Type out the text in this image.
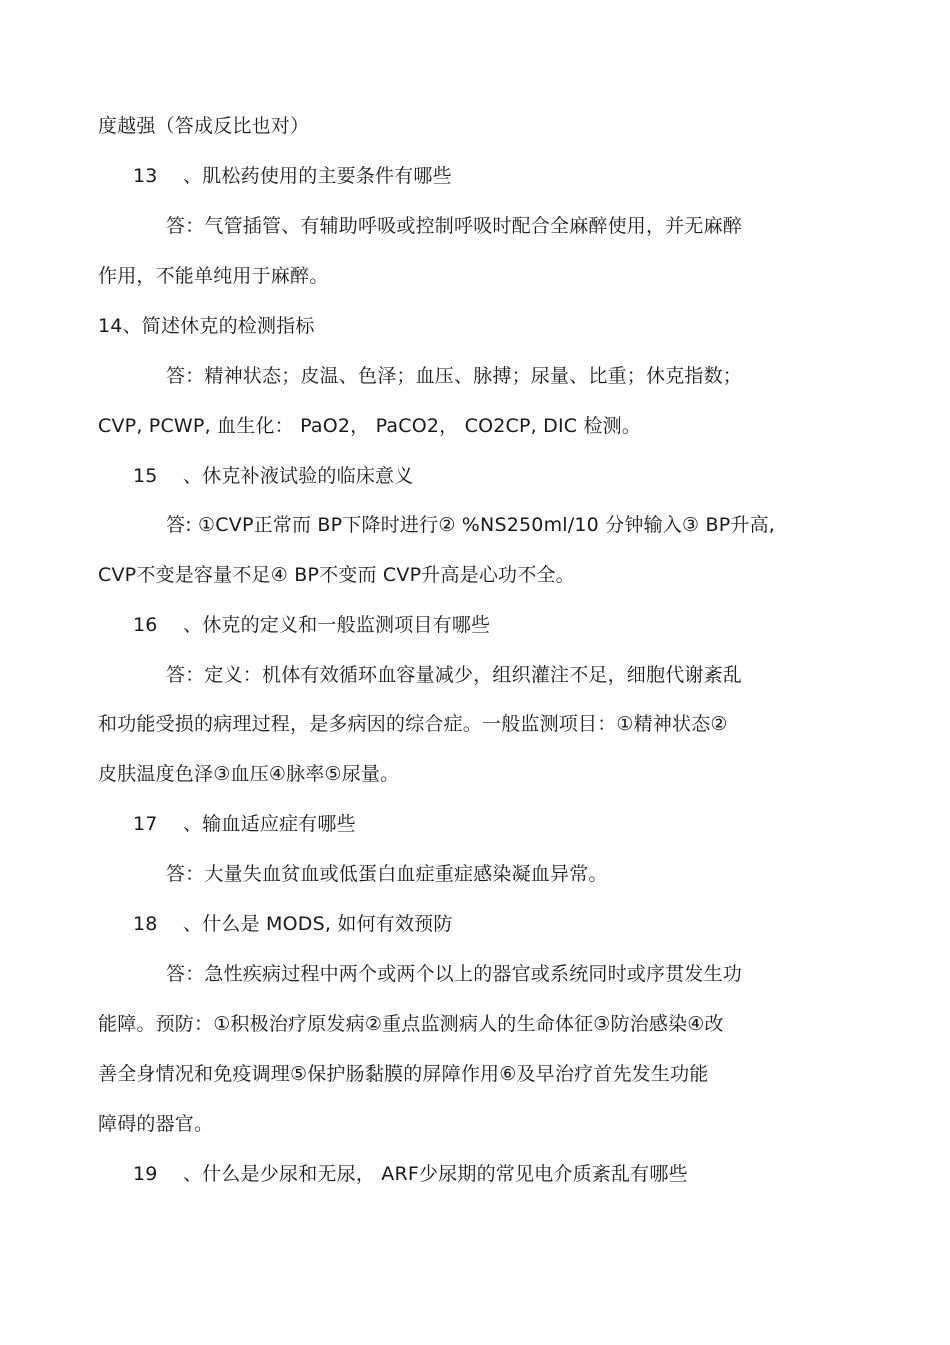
度越强（答成反比也对）
13　 、肌松药使用的主要条件有哪些
答：气管插管、有辅助呼吸或控制呼吸时配合全麻醉使用，并无麻醉
作用，不能单纯用于麻醉。
14、简述休克的检测指标
答：精神状态；皮温、色泽；血压、脉搏；尿量、比重；休克指数；
CVP, PCWP, 血生化： PaO2， PaCO2， CO2CP, DIC 检测。
15　 、休克补液试验的临床意义
答: ①CVP正常而 BP下降时进行② %NS250ml/10 分钟输入③ BP升高,
CVP不变是容量不足④ BP不变而 CVP升高是心功不全。
16　 、休克的定义和一般监测项目有哪些
答：定义：机体有效循环血容量减少，组织灌注不足，细胞代谢紊乱
和功能受损的病理过程，是多病因的综合症。一般监测项目：①精神状态②
皮肤温度色泽③血压④脉率⑤尿量。
17　 、输血适应症有哪些
答：大量失血贫血或低蛋白血症重症感染凝血异常。
18　 、什么是 MODS, 如何有效预防
答：急性疾病过程中两个或两个以上的器官或系统同时或序贯发生功
能障。预防：①积极治疗原发病②重点监测病人的生命体征③防治感染④改
善全身情况和免疫调理⑤保护肠黏膜的屏障作用⑥及早治疗首先发生功能
障碍的器官。
19　 、什么是少尿和无尿， ARF少尿期的常见电介质紊乱有哪些
